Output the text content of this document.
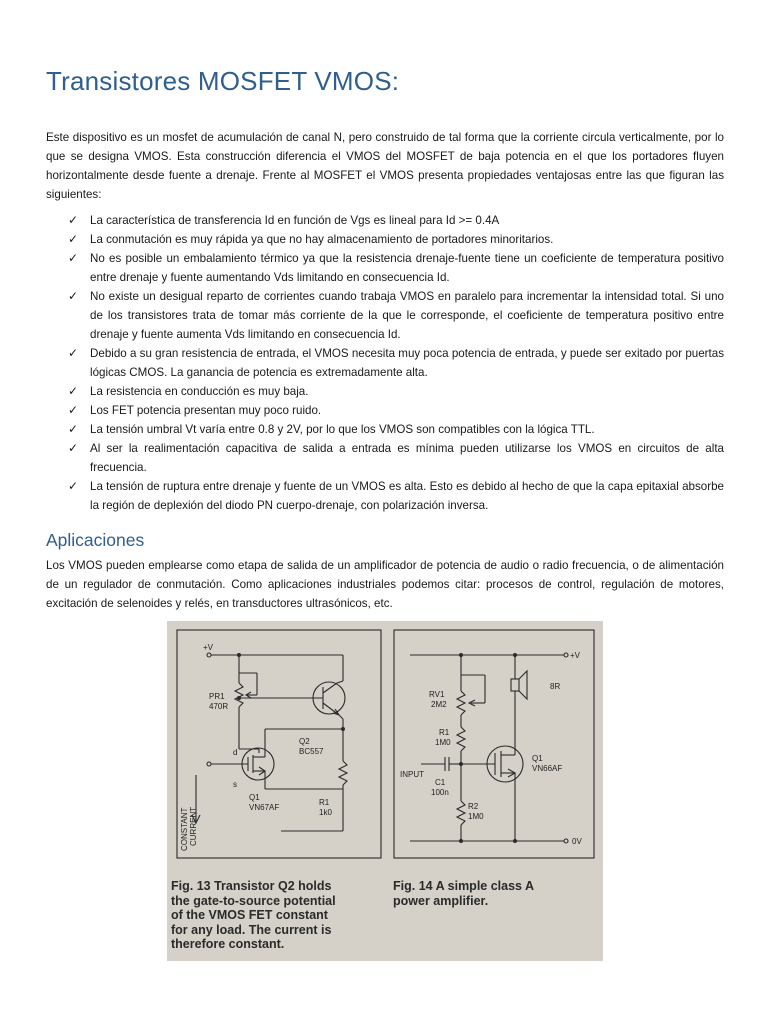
Transistores MOSFET VMOS:

Este dispositivo es un mosfet de acumulación de canal N, pero construido de tal forma que la corriente circula verticalmente, por lo que se designa VMOS. Esta construcción diferencia el VMOS del MOSFET de baja potencia en el que los portadores fluyen horizontalmente desde fuente a drenaje. Frente al MOSFET el VMOS presenta propiedades ventajosas entre las que figuran las siguientes:

✓ La característica de transferencia Id en función de Vgs es lineal para Id >= 0.4A
✓ La conmutación es muy rápida ya que no hay almacenamiento de portadores minoritarios.
✓ No es posible un embalamiento térmico ya que la resistencia drenaje-fuente tiene un coeficiente de temperatura positivo entre drenaje y fuente aumentando Vds limitando en consecuencia Id.
✓ No existe un desigual reparto de corrientes cuando trabaja VMOS en paralelo para incrementar la intensidad total. Si uno de los transistores trata de tomar más corriente de la que le corresponde, el coeficiente de temperatura positivo entre drenaje y fuente aumenta Vds limitando en consecuencia Id.
✓ Debido a su gran resistencia de entrada, el VMOS necesita muy poca potencia de entrada, y puede ser exitado por puertas lógicas CMOS. La ganancia de potencia es extremadamente alta.
✓ La resistencia en conducción es muy baja.
✓ Los FET potencia presentan muy poco ruido.
✓ La tensión umbral Vt varía entre 0.8 y 2V, por lo que los VMOS son compatibles con la lógica TTL.
✓ Al ser la realimentación capacitiva de salida a entrada es mínima pueden utilizarse los VMOS en circuitos de alta frecuencia.
✓ La tensión de ruptura entre drenaje y fuente de un VMOS es alta. Esto es debido al hecho de que la capa epitaxial absorbe la región de deplexión del diodo PN cuerpo-drenaje, con polarización inversa.
Aplicaciones

Los VMOS pueden emplearse como etapa de salida de un amplificador de potencia de audio o radio frecuencia, o de alimentación de un regulador de conmutación. Como aplicaciones industriales podemos citar: procesos de control, regulación de motores, excitación de selenoides y relés, en transductores ultrasónicos, etc.

+V
PR1
470R
Q2
BC557
d
s
Q1
VN67AF
R1
1k0
CONSTANT CURRENT
+V
RV1
2M2
R1
1M0
8R
Q1
VN66AF
INPUT
C1
100n
R2
1M0
0V
Fig. 13 Transistor Q2 holds
the gate-to-source potential
of the VMOS FET constant
for any load. The current is
therefore constant.
Fig. 14 A simple class A
power amplifier.
